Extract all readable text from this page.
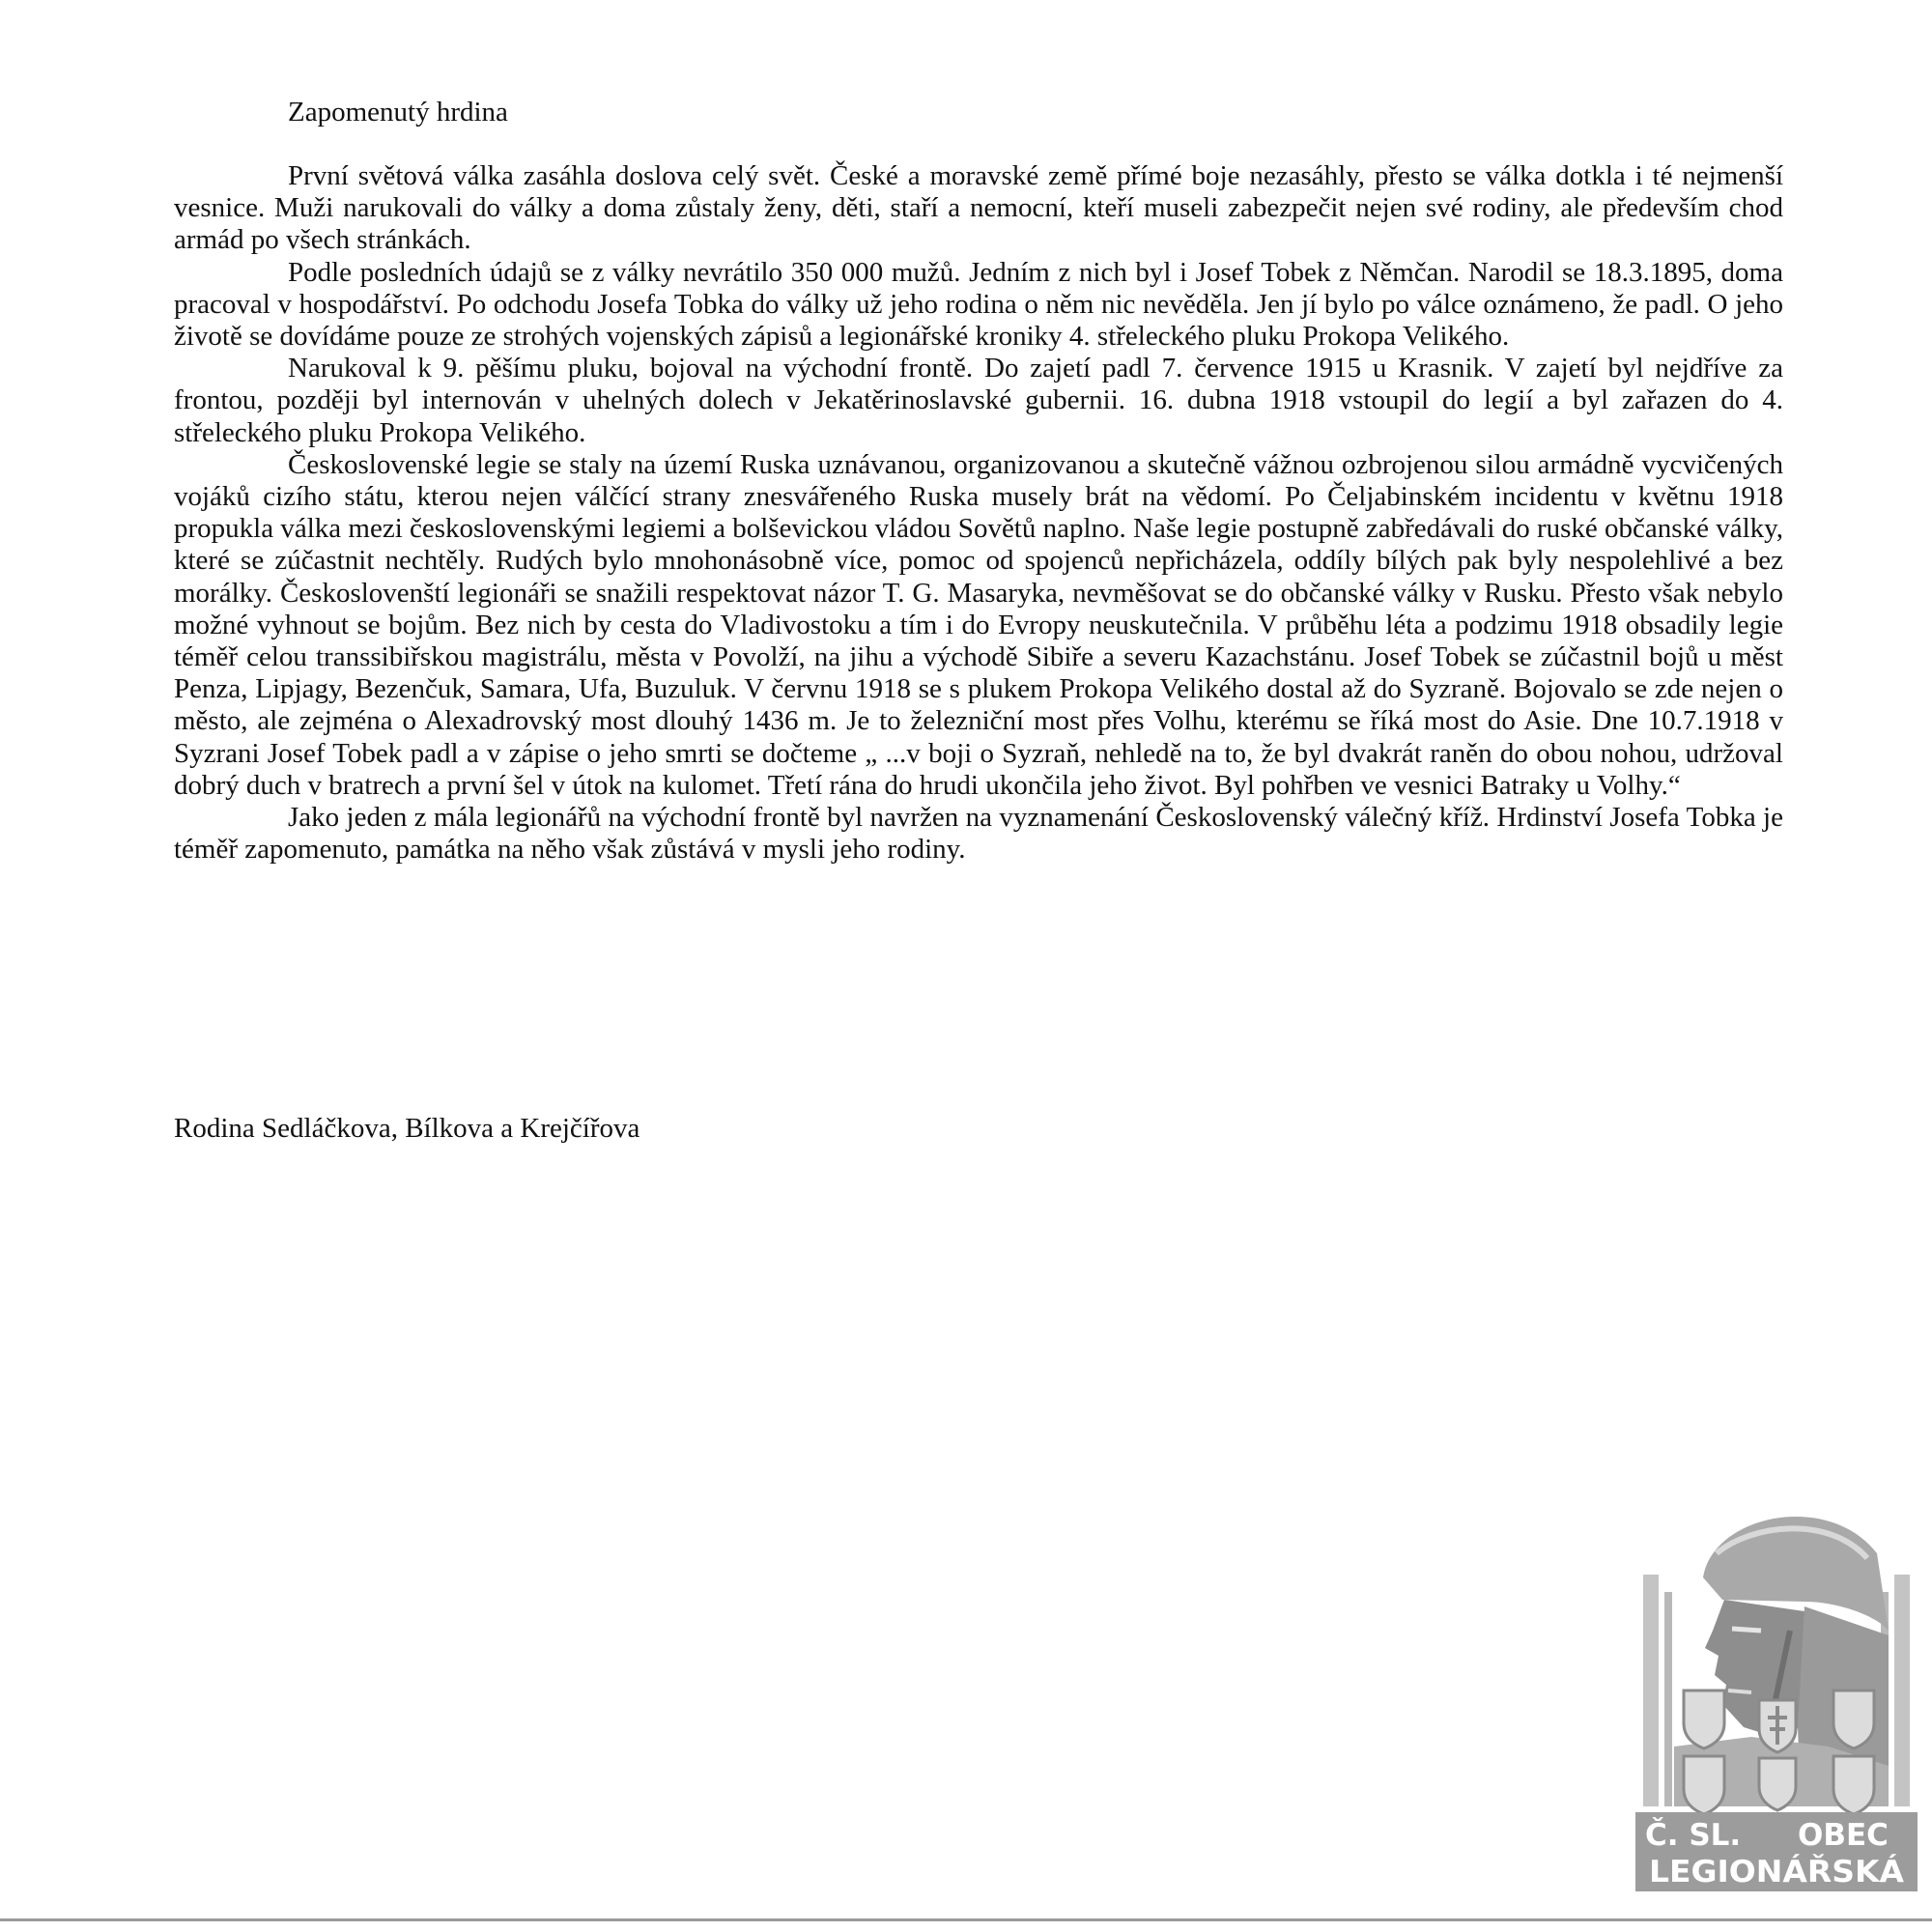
Zapomenutý hrdina

První světová válka zasáhla doslova celý svět. České a moravské země přímé boje nezasáhly, přesto se válka dotkla i té nejmenší vesnice. Muži narukovali do války a doma zůstaly ženy, děti, staří a nemocní, kteří museli zabezpečit nejen své rodiny, ale především chod armád po všech stránkách.

Podle posledních údajů se z války nevrátilo 350 000 mužů. Jedním z nich byl i Josef Tobek z Němčan. Narodil se 18.3.1895, doma pracoval v hospodářství. Po odchodu Josefa Tobka do války už jeho rodina o něm nic nevěděla. Jen jí bylo po válce oznámeno, že padl. O jeho životě se dovídáme pouze ze strohých vojenských zápisů a legionářské kroniky 4. střeleckého pluku Prokopa Velikého.

Narukoval k 9. pěšímu pluku, bojoval na východní frontě. Do zajetí padl 7. července 1915 u Krasnik. V zajetí byl nejdříve za frontou, později byl internován v uhelných dolech v Jekatěrinoslavské gubernii. 16. dubna 1918 vstoupil do legií a byl zařazen do 4. střeleckého pluku Prokopa Velikého.

Československé legie se staly na území Ruska uznávanou, organizovanou a skutečně vážnou ozbrojenou silou armádně vycvičených vojáků cizího státu, kterou nejen válčící strany znesvářeného Ruska musely brát na vědomí. Po Čeljabinském incidentu v květnu 1918 propukla válka mezi československými legiemi a bolševickou vládou Sovětů naplno. Naše legie postupně zabředávali do ruské občanské války, které se zúčastnit nechtěly. Rudých bylo mnohonásobně více, pomoc od spojenců nepřicházela, oddíly bílých pak byly nespolehlivé a bez morálky. Českoslovenští legionáři se snažili respektovat názor T. G. Masaryka, nevměšovat se do občanské války v Rusku. Přesto však nebylo možné vyhnout se bojům. Bez nich by cesta do Vladivostoku a tím i do Evropy neuskutečnila. V průběhu léta a podzimu 1918 obsadily legie téměř celou transsibiřskou magistrálu, města v Povolží, na jihu a východě Sibiře a severu Kazachstánu. Josef Tobek se zúčastnil bojů u měst Penza, Lipjagy, Bezenčuk, Samara, Ufa, Buzuluk. V červnu 1918 se s plukem Prokopa Velikého dostal až do Syzraně. Bojovalo se zde nejen o město, ale zejména o Alexadrovský most dlouhý 1436 m. Je to železniční most přes Volhu, kterému se říká most do Asie. Dne 10.7.1918 v Syzrani Josef Tobek padl a v zápise o jeho smrti se dočteme „ ...v boji o Syzraň, nehledě na to, že byl dvakrát raněn do obou nohou, udržoval dobrý duch v bratrech a první šel v útok na kulomet. Třetí rána do hrudi ukončila jeho život. Byl pohřben ve vesnici Batraky u Volhy.“

Jako jeden z mála legionářů na východní frontě byl navržen na vyznamenání Československý válečný kříž. Hrdinství Josefa Tobka je téměř zapomenuto, památka na něho však zůstává v mysli jeho rodiny.

Rodina Sedláčkova, Bílkova a Krejčířova
Č. SL. OBEC
LEGIONÁŘSKÁ
